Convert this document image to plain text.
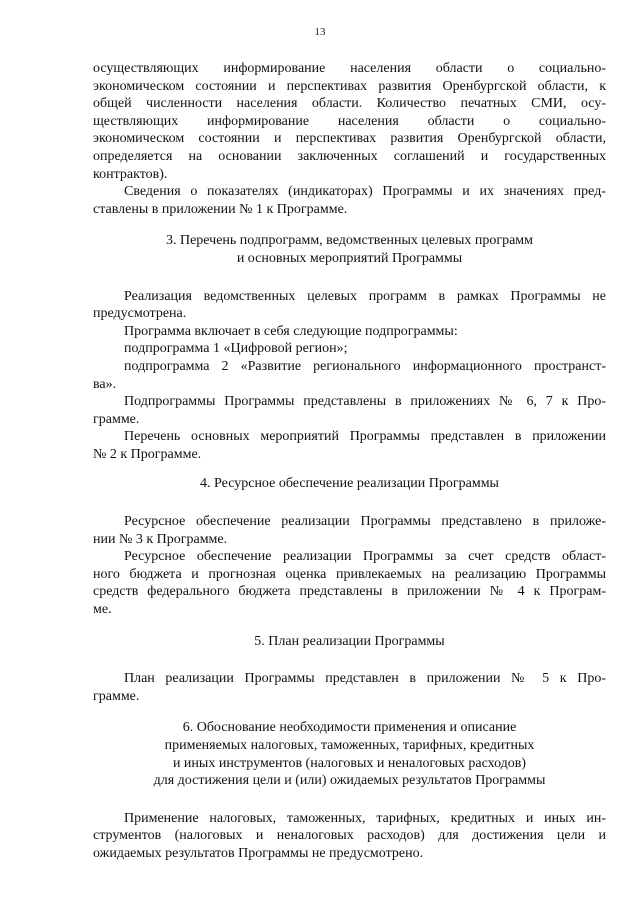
13
осуществляющих информирование населения области о социально-
экономическом состоянии и перспективах развития Оренбургской области, к
общей численности населения области. Количество печатных СМИ, осу-
ществляющих информирование населения области о социально-
экономическом состоянии и перспективах развития Оренбургской области,
определяется на основании заключенных соглашений и государственных
контрактов).
Сведения о показателях (индикаторах) Программы и их значениях пред-
ставлены в приложении № 1 к Программе.
3. Перечень подпрограмм, ведомственных целевых программ
и основных мероприятий Программы
Реализация ведомственных целевых программ в рамках Программы не
предусмотрена.
Программа включает в себя следующие подпрограммы:
подпрограмма 1 «Цифровой регион»;
подпрограмма 2 «Развитие регионального информационного пространст-
ва».
Подпрограммы Программы представлены в приложениях № 6, 7 к Про-
грамме.
Перечень основных мероприятий Программы представлен в приложении
№ 2 к Программе.
4. Ресурсное обеспечение реализации Программы
Ресурсное обеспечение реализации Программы представлено в приложе-
нии № 3 к Программе.
Ресурсное обеспечение реализации Программы за счет средств област-
ного бюджета и прогнозная оценка привлекаемых на реализацию Программы
средств федерального бюджета представлены в приложении № 4 к Програм-
ме.
5. План реализации Программы
План реализации Программы представлен в приложении № 5 к Про-
грамме.
6. Обоснование необходимости применения и описание
применяемых налоговых, таможенных, тарифных, кредитных
и иных инструментов (налоговых и неналоговых расходов)
для достижения цели и (или) ожидаемых результатов Программы
Применение налоговых, таможенных, тарифных, кредитных и иных ин-
струментов (налоговых и неналоговых расходов) для достижения цели и
ожидаемых результатов Программы не предусмотрено.
